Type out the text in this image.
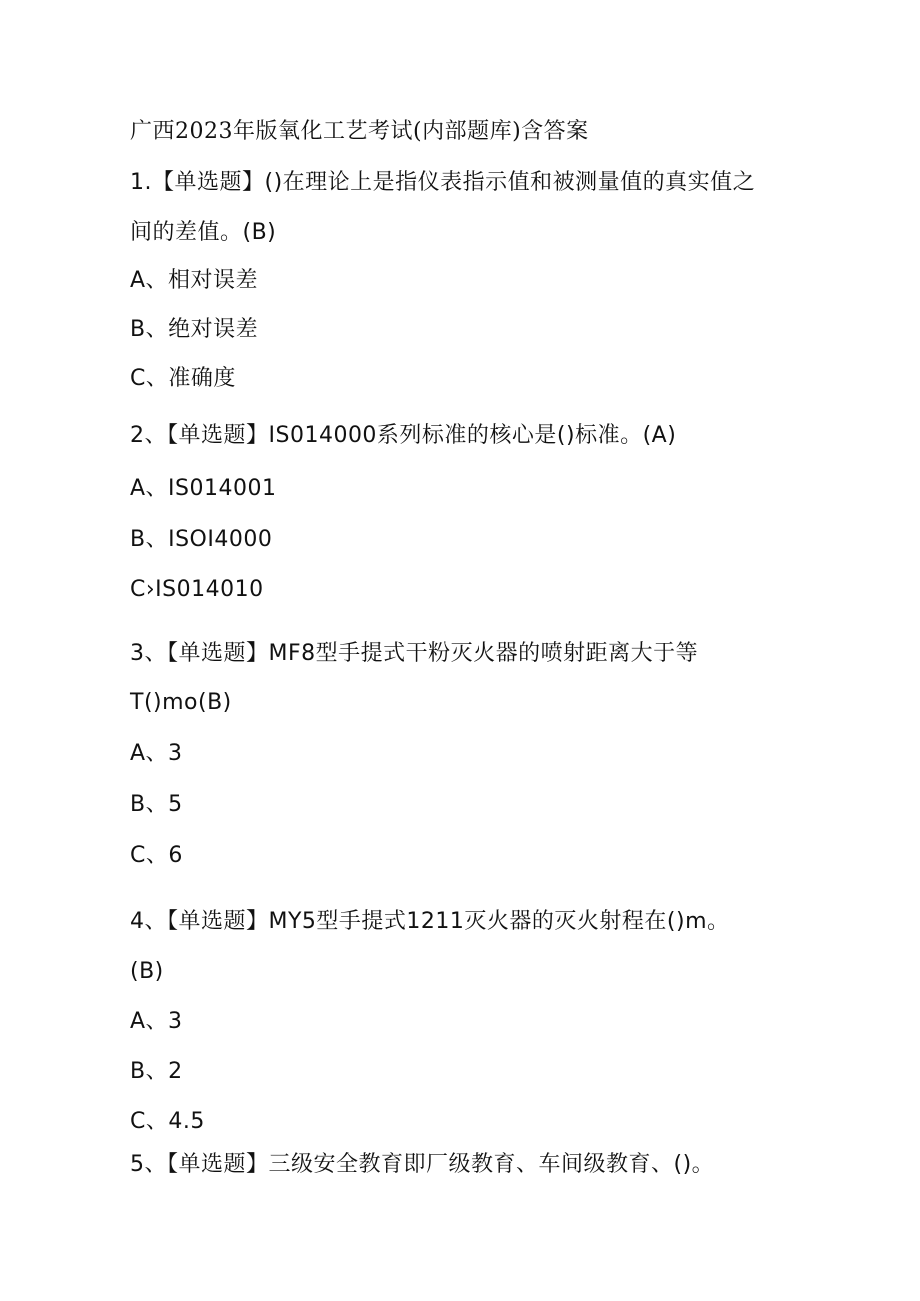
广西2023年版氧化工艺考试(内部题库)含答案
1.【单选题】()在理论上是指仪表指示值和被测量值的真实值之
间的差值。(B)
A、相对误差
B、绝对误差
C、准确度
2、【单选题】IS014000系列标准的核心是()标准。(A)
A、IS014001
B、ISOI4000
C›IS014010
3、【单选题】MF8型手提式干粉灭火器的喷射距离大于等
T()mo(B)
A、3
B、5
C、6
4、【单选题】MY5型手提式1211灭火器的灭火射程在()m。
(B)
A、3
B、2
C、4.5
5、【单选题】三级安全教育即厂级教育、车间级教育、()。
